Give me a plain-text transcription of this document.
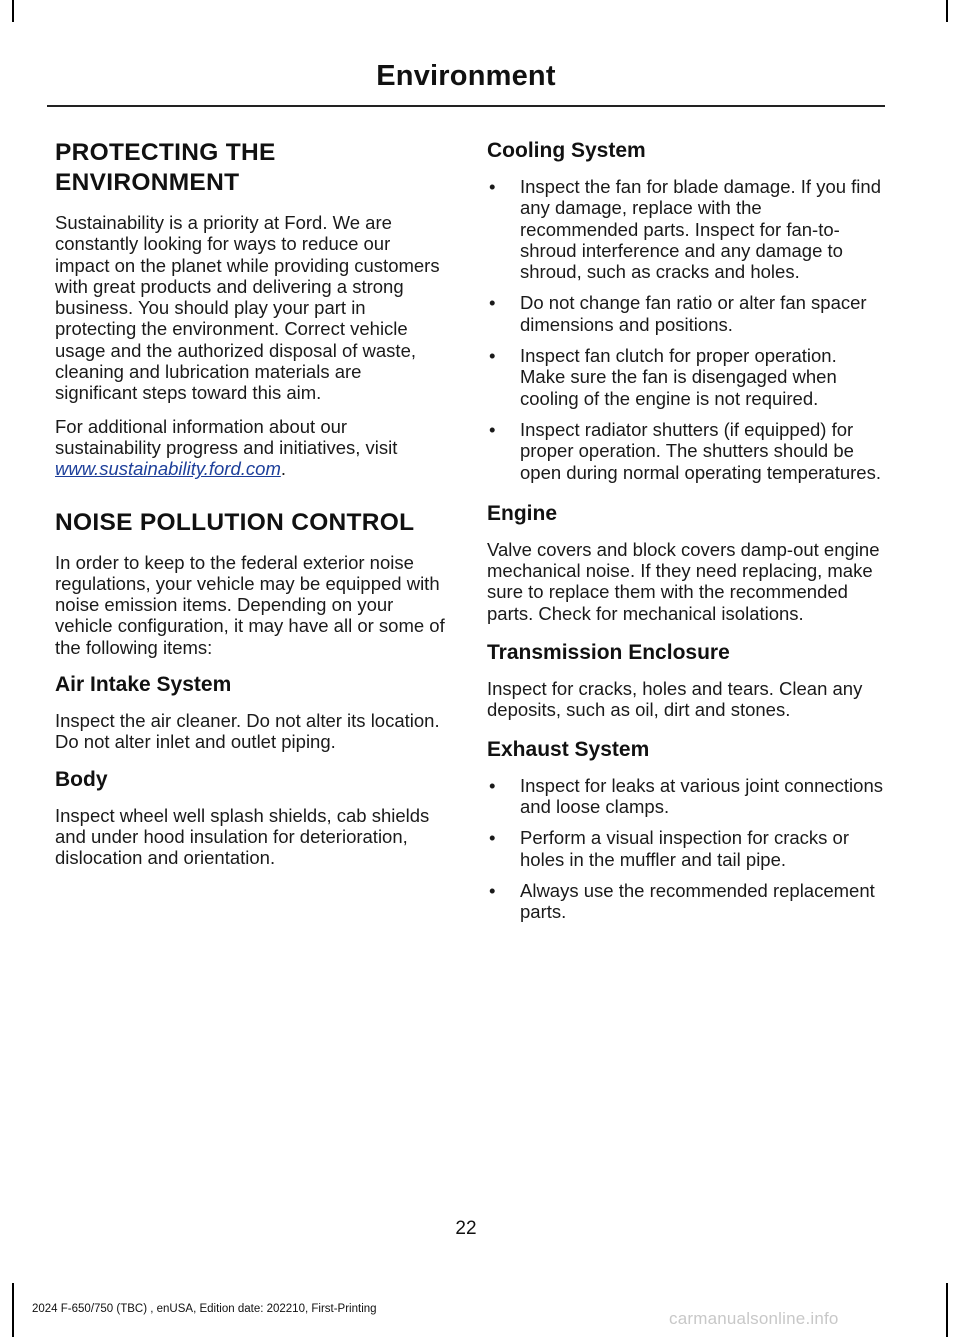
Environment
PROTECTING THE
ENVIRONMENT

Sustainability is a priority at Ford. We are constantly looking for ways to reduce our impact on the planet while providing customers with great products and delivering a strong business. You should play your part in protecting the environment. Correct vehicle usage and the authorized disposal of waste, cleaning and lubrication materials are significant steps toward this aim.

For additional information about our sustainability progress and initiatives, visit www.sustainability.ford.com.

NOISE POLLUTION CONTROL

In order to keep to the federal exterior noise regulations, your vehicle may be equipped with noise emission items. Depending on your vehicle configuration, it may have all or some of the following items:

Air Intake System

Inspect the air cleaner. Do not alter its location. Do not alter inlet and outlet piping.

Body

Inspect wheel well splash shields, cab shields and under hood insulation for deterioration, dislocation and orientation.

Cooling System
• Inspect the fan for blade damage. If you find any damage, replace with the recommended parts. Inspect for fan-to-shroud interference and any damage to shroud, such as cracks and holes.
• Do not change fan ratio or alter fan spacer dimensions and positions.
• Inspect fan clutch for proper operation. Make sure the fan is disengaged when cooling of the engine is not required.
• Inspect radiator shutters (if equipped) for proper operation. The shutters should be open during normal operating temperatures.
Engine

Valve covers and block covers damp-out engine mechanical noise. If they need replacing, make sure to replace them with the recommended parts. Check for mechanical isolations.

Transmission Enclosure

Inspect for cracks, holes and tears. Clean any deposits, such as oil, dirt and stones.

Exhaust System
• Inspect for leaks at various joint connections and loose clamps.
• Perform a visual inspection for cracks or holes in the muffler and tail pipe.
• Always use the recommended replacement parts.
22
2024 F-650/750 (TBC) , enUSA, Edition date: 202210, First-Printing	carmanualsonline.info
